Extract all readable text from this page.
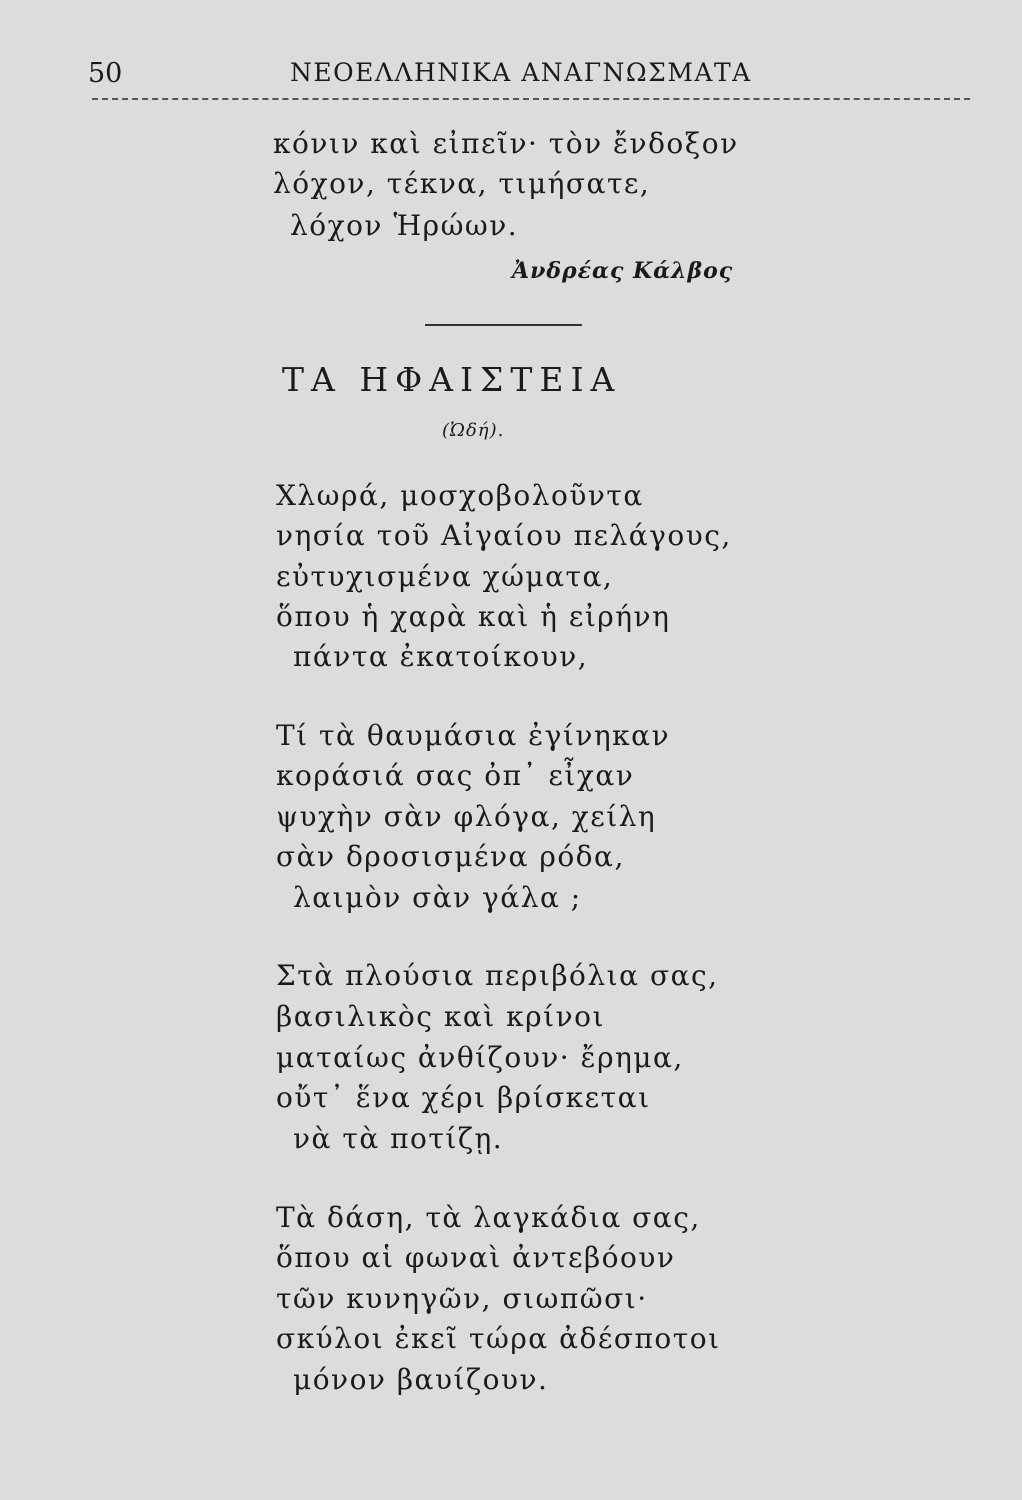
50	ΝΕΟΕΛΛΗΝΙΚΑ ΑΝΑΓΝΩΣΜΑΤΑ
κόνιν καὶ εἰπεῖν· τὸν ἔνδοξον
λόχον, τέκνα, τιμήσατε,
λόχον Ἡρώων.
Ἀνδρέας Κάλβος
ΤΑ ΗΦΑΙΣΤΕΙΑ
(Ὠδή).
Χλωρά, μοσχοβολοῦντα
νησία τοῦ Αἰγαίου πελάγους,
εὐτυχισμένα χώματα,
ὅπου ἡ χαρὰ καὶ ἡ εἰρήνη
πάντα ἐκατοίκουν,
Τί τὰ θαυμάσια ἐγίνηκαν
κοράσιά σας ὀπ᾽ εἶχαν
ψυχὴν σὰν φλόγα, χείλη
σὰν δροσισμένα ρόδα,
λαιμὸν σὰν γάλα ;
Στὰ πλούσια περιβόλια σας,
βασιλικὸς καὶ κρίνοι
ματαίως ἀνθίζουν· ἔρημα,
οὔτ᾽ ἕνα χέρι βρίσκεται
νὰ τὰ ποτίζῃ.
Τὰ δάση, τὰ λαγκάδια σας,
ὅπου αἱ φωναὶ ἀντεβόουν
τῶν κυνηγῶν, σιωπῶσι·
σκύλοι ἐκεῖ τώρα ἀδέσποτοι
μόνον βαυίζουν.
